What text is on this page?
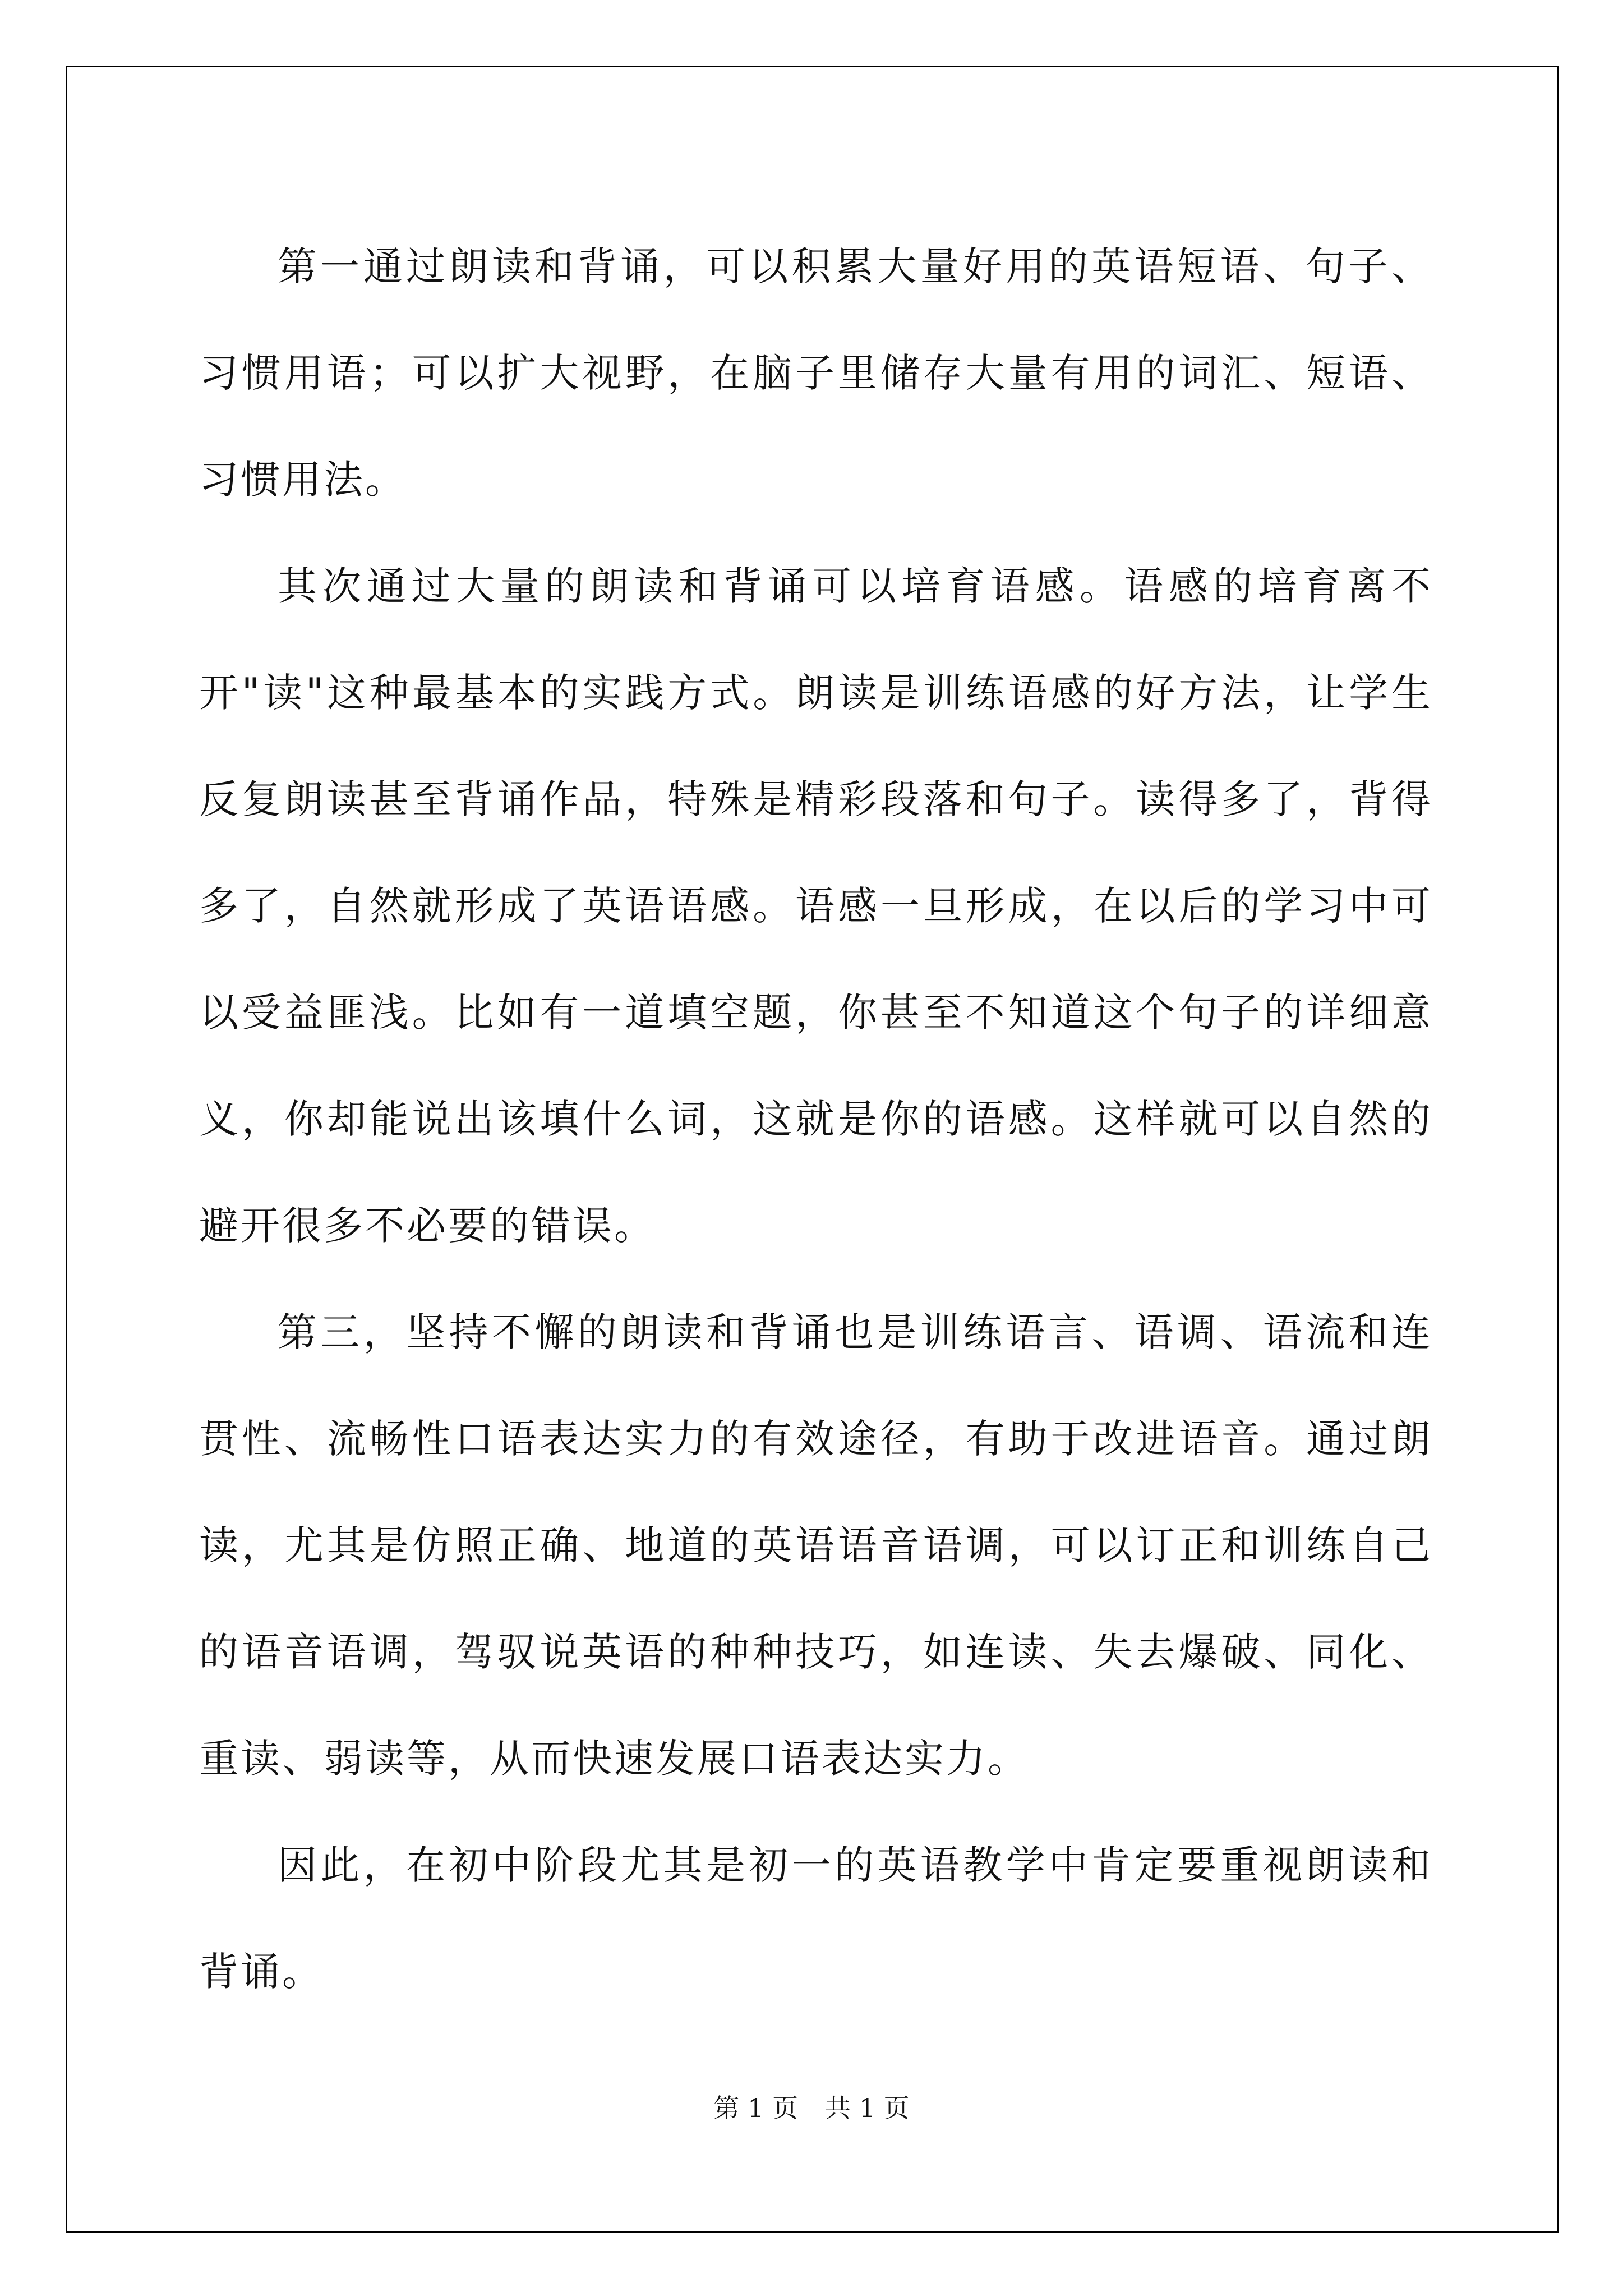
第一通过朗读和背诵，可以积累大量好用的英语短语、句子、习惯用语；可以扩大视野，在脑子里储存大量有用的词汇、短语、习惯用法。

其次通过大量的朗读和背诵可以培育语感。语感的培育离不开"读"这种最基本的实践方式。朗读是训练语感的好方法，让学生反复朗读甚至背诵作品，特殊是精彩段落和句子。读得多了，背得多了，自然就形成了英语语感。语感一旦形成，在以后的学习中可以受益匪浅。比如有一道填空题，你甚至不知道这个句子的详细意义，你却能说出该填什么词，这就是你的语感。这样就可以自然的避开很多不必要的错误。

第三，坚持不懈的朗读和背诵也是训练语言、语调、语流和连贯性、流畅性口语表达实力的有效途径，有助于改进语音。通过朗读，尤其是仿照正确、地道的英语语音语调，可以订正和训练自己的语音语调，驾驭说英语的种种技巧，如连读、失去爆破、同化、重读、弱读等，从而快速发展口语表达实力。

因此，在初中阶段尤其是初一的英语教学中肯定要重视朗读和背诵。

第 1 页 共 1 页
